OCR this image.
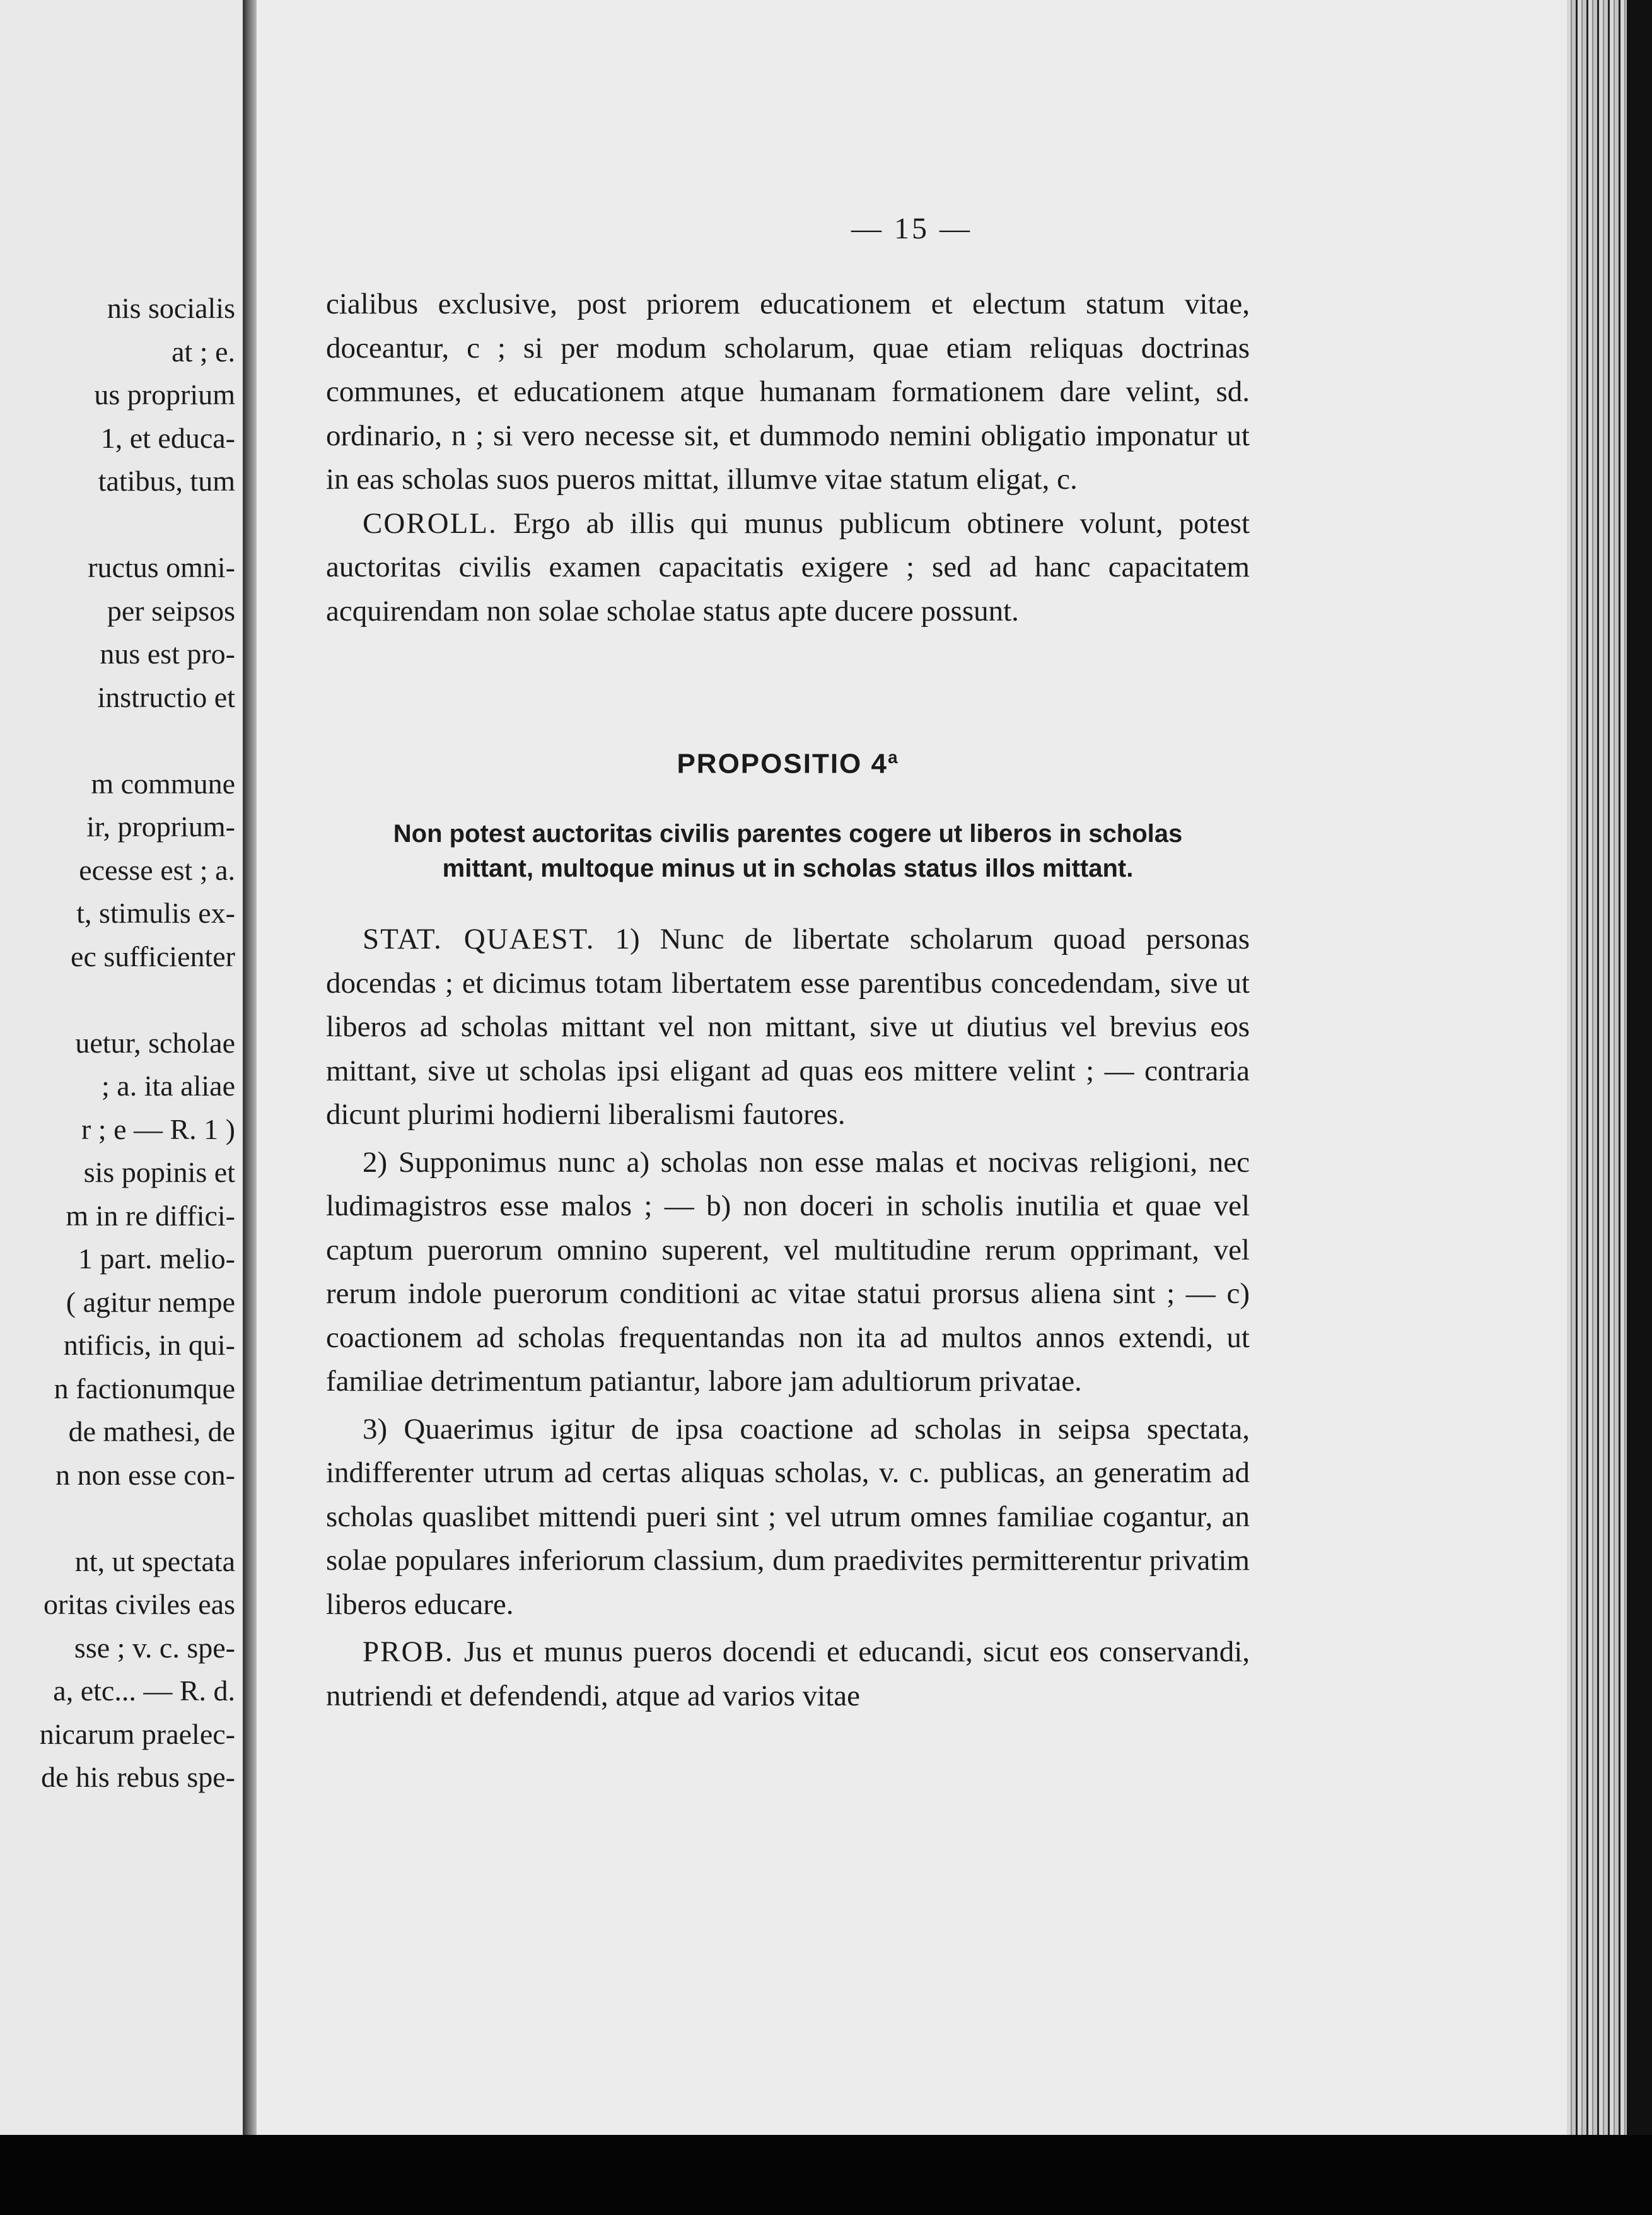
nis socialis
at ; e.
us proprium
1, et educa-
tatibus, tum
ructus omni-
per seipsos
nus est pro-
instructio et
m commune
ir, proprium-
ecesse est ; a.
t, stimulis ex-
ec sufficienter
uetur, scholae
; a. ita aliae
r ; e — R. 1 )
sis popinis et
m in re diffici-
1 part. melio-
( agitur nempe
ntificis, in qui-
n factionumque
de mathesi, de
n non esse con-
nt, ut spectata
oritas civiles eas
sse ; v. c. spe-
a, etc... — R. d.
nicarum praelec-
de his rebus spe-
— 15 —

cialibus exclusive, post priorem educationem et electum statum vitae, doceantur, c ; si per modum scholarum, quae etiam reliquas doctrinas communes, et educationem atque humanam formationem dare velint, sd. ordinario, n ; si vero necesse sit, et dummodo nemini obligatio imponatur ut in eas scholas suos pueros mittat, illumve vitae statum eligat, c.

COROLL. Ergo ab illis qui munus publicum obtinere volunt, potest auctoritas civilis examen capacitatis exigere ; sed ad hanc capacitatem acquirendam non solae scholae status apte ducere possunt.

PROPOSITIO 4$^a$
Non potest auctoritas civilis parentes cogere ut liberos in scholas
mittant, multoque minus ut in scholas status illos mittant.

STAT. QUAEST. 1) Nunc de libertate scholarum quoad personas docendas ; et dicimus totam libertatem esse parentibus concedendam, sive ut liberos ad scholas mittant vel non mittant, sive ut diutius vel brevius eos mittant, sive ut scholas ipsi eligant ad quas eos mittere velint ; — contraria dicunt plurimi hodierni liberalismi fautores.

2) Supponimus nunc a) scholas non esse malas et nocivas religioni, nec ludimagistros esse malos ; — b) non doceri in scholis inutilia et quae vel captum puerorum omnino superent, vel multitudine rerum opprimant, vel rerum indole puerorum conditioni ac vitae statui prorsus aliena sint ; — c) coactionem ad scholas frequentandas non ita ad multos annos extendi, ut familiae detrimentum patiantur, labore jam adultiorum privatae.

3) Quaerimus igitur de ipsa coactione ad scholas in seipsa spectata, indifferenter utrum ad certas aliquas scholas, v. c. publicas, an generatim ad scholas quaslibet mittendi pueri sint ; vel utrum omnes familiae cogantur, an solae populares inferiorum classium, dum praedivites permitterentur privatim liberos educare.

PROB. Jus et munus pueros docendi et educandi, sicut eos conservandi, nutriendi et defendendi, atque ad varios vitae
